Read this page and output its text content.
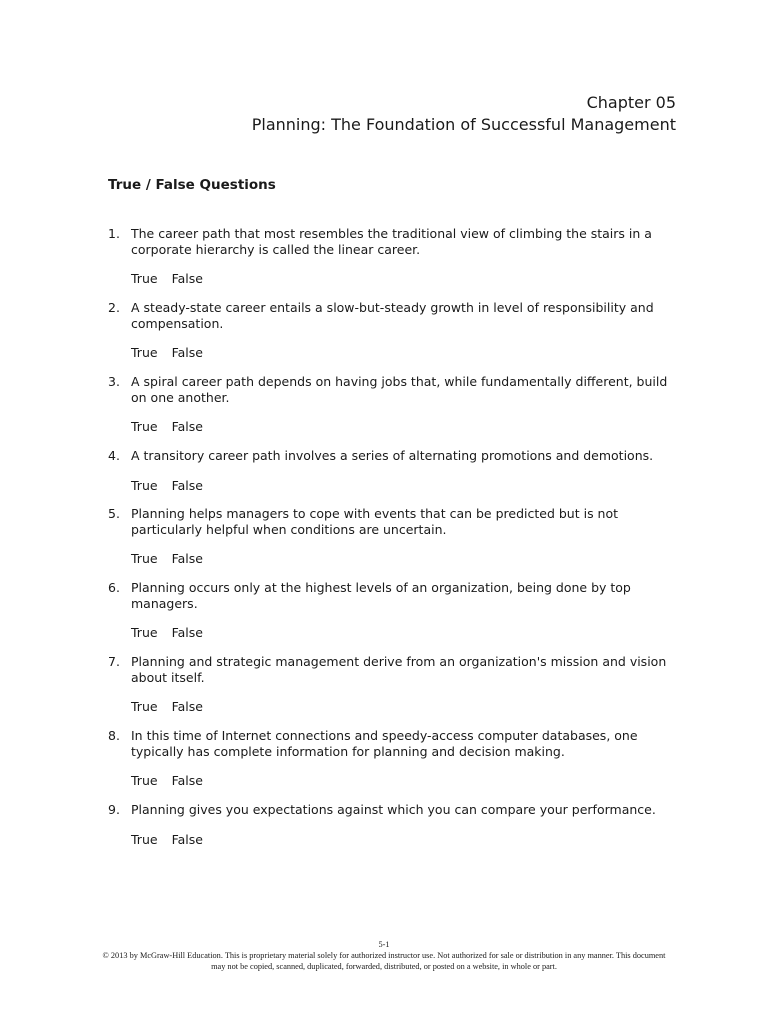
Chapter 05
Planning: The Foundation of Successful Management
True / False Questions
1. The career path that most resembles the traditional view of climbing the stairs in a corporate hierarchy is called the linear career.
True False
2. A steady-state career entails a slow-but-steady growth in level of responsibility and compensation.
True False
3. A spiral career path depends on having jobs that, while fundamentally different, build on one another.
True False
4. A transitory career path involves a series of alternating promotions and demotions.
True False
5. Planning helps managers to cope with events that can be predicted but is not particularly helpful when conditions are uncertain.
True False
6. Planning occurs only at the highest levels of an organization, being done by top managers.
True False
7. Planning and strategic management derive from an organization's mission and vision about itself.
True False
8. In this time of Internet connections and speedy-access computer databases, one typically has complete information for planning and decision making.
True False
9. Planning gives you expectations against which you can compare your performance.
True False
5-1
© 2013 by McGraw-Hill Education. This is proprietary material solely for authorized instructor use. Not authorized for sale or distribution in any manner. This document may not be copied, scanned, duplicated, forwarded, distributed, or posted on a website, in whole or part.
